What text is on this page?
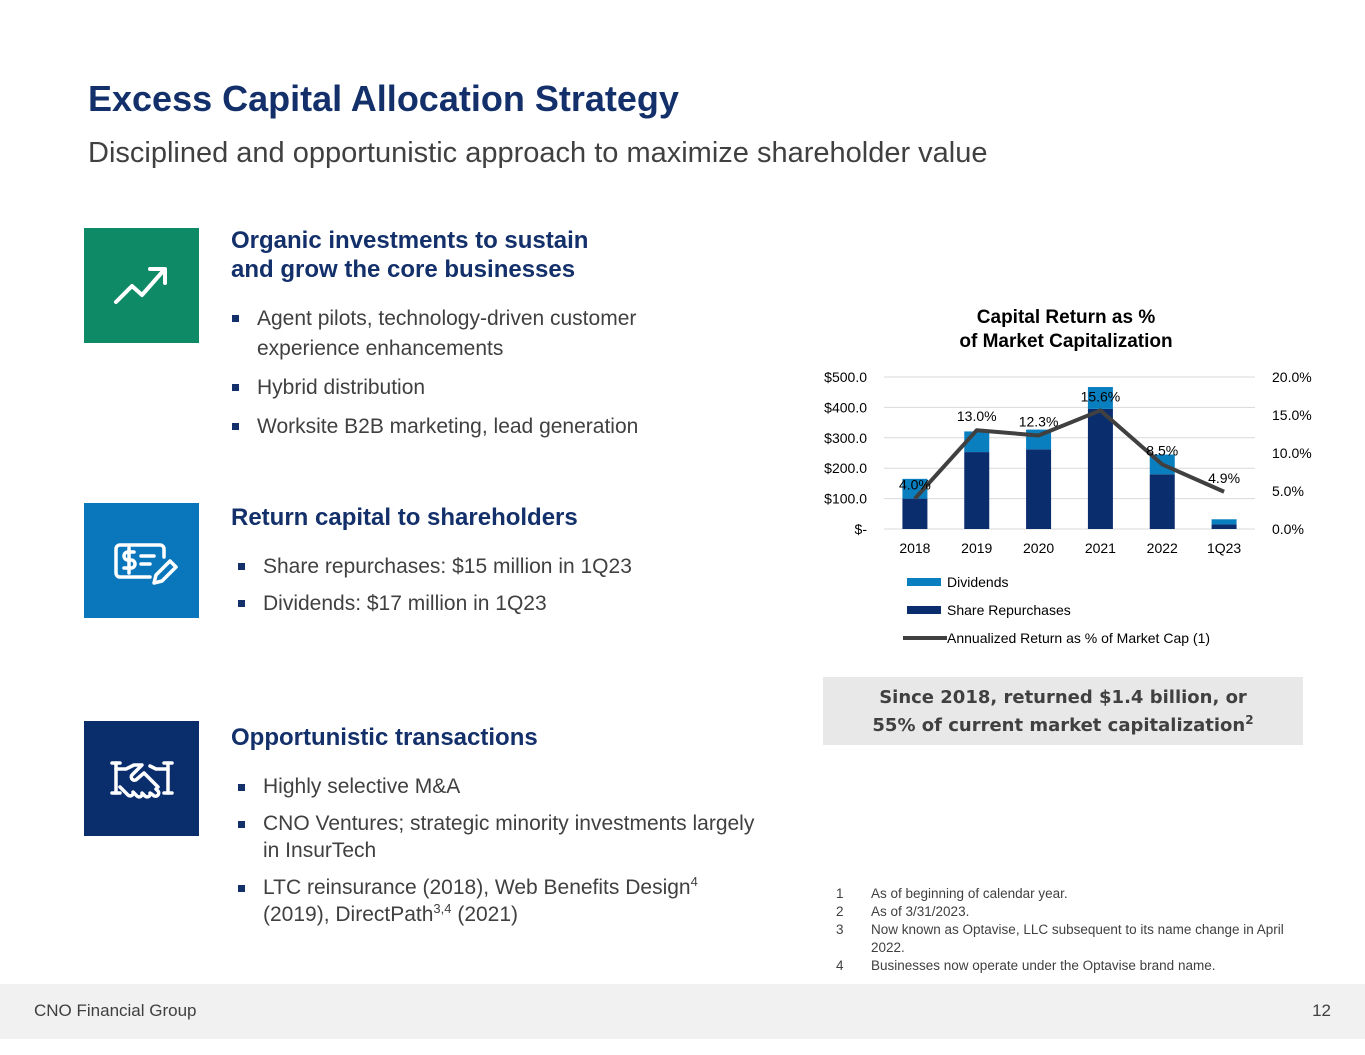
Excess Capital Allocation Strategy
Disciplined and opportunistic approach to maximize shareholder value
Organic investments to sustain
and grow the core businesses
Agent pilots, technology-driven customer experience enhancements
Hybrid distribution
Worksite B2B marketing, lead generation
Return capital to shareholders
Share repurchases: $15 million in 1Q23
Dividends: $17 million in 1Q23
Opportunistic transactions
Highly selective M&A
CNO Ventures; strategic minority investments largely in InsurTech
LTC reinsurance (2018), Web Benefits Design$^4$
(2019), DirectPath$^{3,4}$ (2021)
Capital Return as %
of Market Capitalization
$-
$100.0
$200.0
$300.0
$400.0
$500.0
0.0%
5.0%
10.0%
15.0%
20.0%
2018 2019 2020 2021 2022 1Q23
4.0%
13.0% 12.3%
15.6%
8.5%
4.9%
Dividends
Share Repurchases
Annualized Return as % of Market Cap (1)
Since 2018, returned $1.4 billion, or
55% of current market capitalization$^2$
1	As of beginning of calendar year.
2	As of 3/31/2023.
3	Now known as Optavise, LLC subsequent to its name change in April 2022.
4	Businesses now operate under the Optavise brand name.
CNO Financial Group	12
